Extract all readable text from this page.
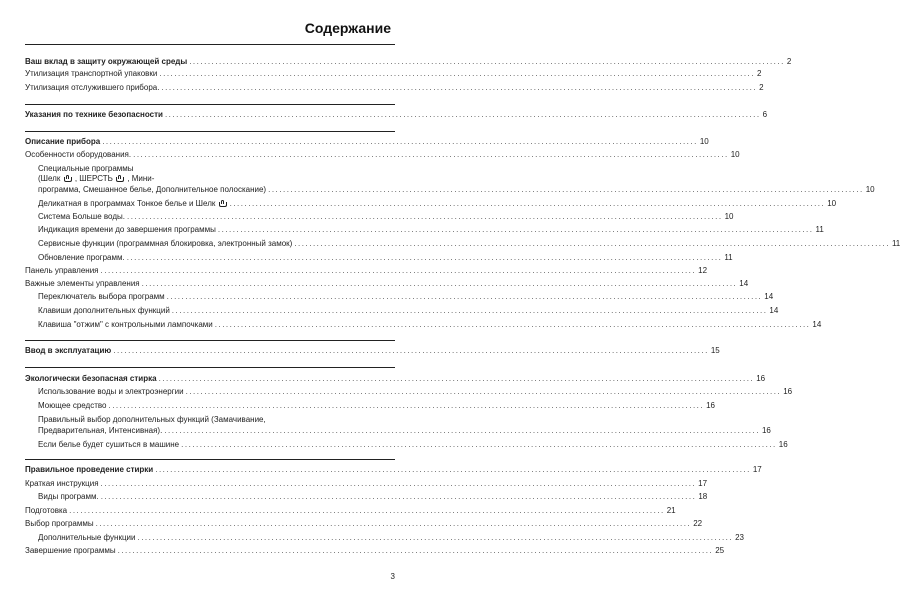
Содержание
Ваш вклад в защиту окружающей среды ................................................................................................................................................................ 2
Утилизация транспортной упаковки ................................................................................................................................................................ 2
Утилизация отслужившего прибора. ................................................................................................................................................................ 2
Указания по технике безопасности ................................................................................................................................................................ 6
Описание прибора ................................................................................................................................................................ 10
Особенности оборудования. ................................................................................................................................................................ 10
Специальные программы
(Шелк , ШЕРСТЬ , Мини-
программа, Смешанное белье, Дополнительное полоскание) ................................................................................................................................................................ 10
Деликатная в программах Тонкое белье и Шелк	................................................................................................................................................................ 10
Система Больше воды. ................................................................................................................................................................ 10
Индикация времени до завершения программы ................................................................................................................................................................ 11
Сервисные функции (программная блокировка, электронный замок) ................................................................................................................................................................ 11
Обновление программ. ................................................................................................................................................................ 11
Панель управления ................................................................................................................................................................ 12
Важные элементы управления ................................................................................................................................................................ 14
Переключатель выбора программ ................................................................................................................................................................ 14
Клавиши дополнительных функций ................................................................................................................................................................ 14
Клавиша "отжим" с контрольными лампочками ................................................................................................................................................................ 14
Ввод в эксплуатацию ................................................................................................................................................................ 15
Экологически безопасная стирка ................................................................................................................................................................ 16
Использование воды и электроэнергии ................................................................................................................................................................ 16
Моющее средство ................................................................................................................................................................ 16
Правильный выбор дополнительных функций (Замачивание,
Предварительная, Интенсивная). ................................................................................................................................................................ 16
Если белье будет сушиться в машине ................................................................................................................................................................ 16
Правильное проведение стирки ................................................................................................................................................................ 17
Краткая инструкция ................................................................................................................................................................ 17
Виды программ. ................................................................................................................................................................ 18
Подготовка ................................................................................................................................................................ 21
Выбор программы ................................................................................................................................................................ 22
Дополнительные функции ................................................................................................................................................................ 23
Завершение программы ................................................................................................................................................................ 25
3
